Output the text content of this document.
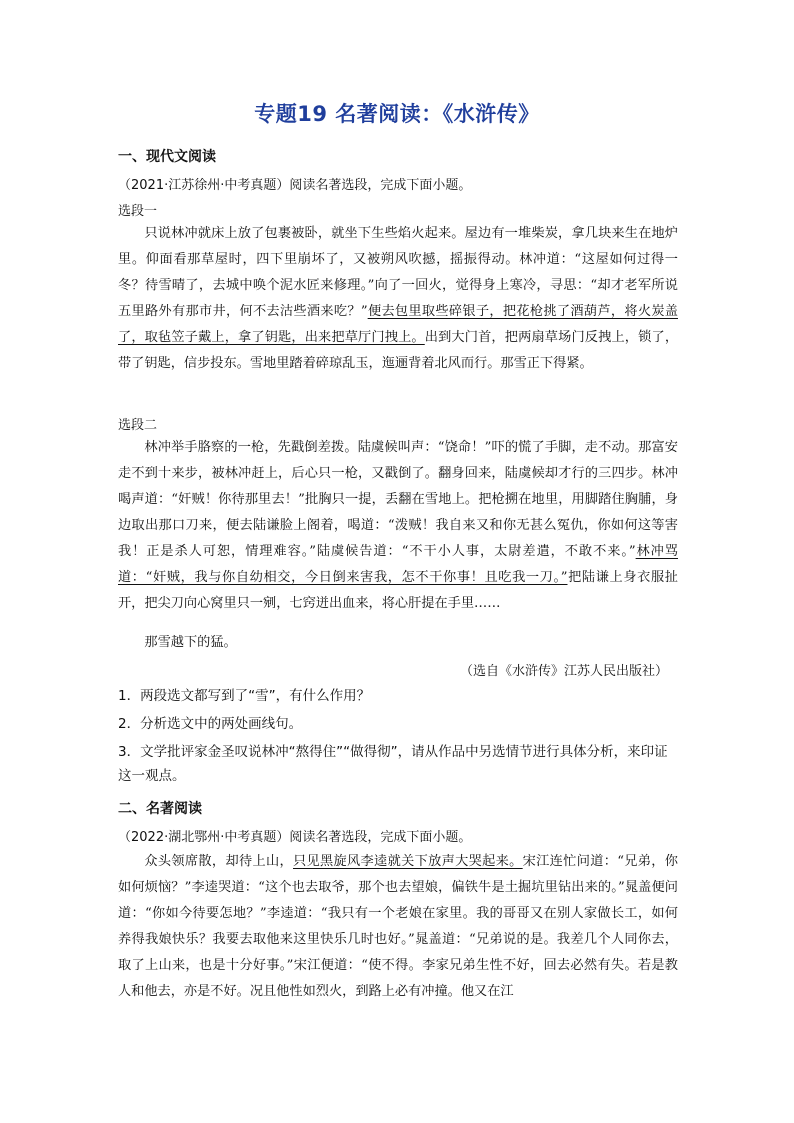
专题19 名著阅读：《水浒传》
一、现代文阅读
（2021·江苏徐州·中考真题）阅读名著选段，完成下面小题。
选段一

只说林冲就床上放了包裹被卧，就坐下生些焰火起来。屋边有一堆柴炭，拿几块来生在地炉里。仰面看那草屋时，四下里崩坏了，又被朔风吹撼，摇振得动。林冲道：“这屋如何过得一冬？待雪晴了，去城中唤个泥水匠来修理。”向了一回火，觉得身上寒冷，寻思：“却才老军所说五里路外有那市井，何不去沽些酒来吃？”便去包里取些碎银子，把花枪挑了酒葫芦，将火炭盖了，取毡笠子戴上，拿了钥匙，出来把草厅门拽上。出到大门首，把两扇草场门反拽上，锁了，带了钥匙，信步投东。雪地里踏着碎琼乱玉，迤逦背着北风而行。那雪正下得紧。

选段二

林冲举手胳察的一枪，先戳倒差拨。陆虞候叫声：“饶命！”吓的慌了手脚，走不动。那富安走不到十来步，被林冲赶上，后心只一枪，又戳倒了。翻身回来，陆虞候却才行的三四步。林冲喝声道：“奸贼！你待那里去！”批胸只一提，丢翻在雪地上。把枪搠在地里，用脚踏住胸脯，身边取出那口刀来，便去陆谦脸上阁着，喝道：“泼贼！我自来又和你无甚么冤仇，你如何这等害我！正是杀人可恕，情理难容。”陆虞候告道：“不干小人事，太尉差遣，不敢不来。”林冲骂道：“奸贼，我与你自幼相交，今日倒来害我，怎不干你事！且吃我一刀。”把陆谦上身衣服扯开，把尖刀向心窝里只一剜，七窍迸出血来，将心肝提在手里……

那雪越下的猛。

（选自《水浒传》江苏人民出版社）
1．两段选文都写到了“雪”，有什么作用？
2．分析选文中的两处画线句。
3．文学批评家金圣叹说林冲“熬得住”“做得彻”，请从作品中另选情节进行具体分析，来印证这一观点。
二、名著阅读
（2022·湖北鄂州·中考真题）阅读名著选段，完成下面小题。

众头领席散，却待上山，只见黑旋风李逵就关下放声大哭起来。宋江连忙问道：“兄弟，你如何烦恼？”李逵哭道：“这个也去取爷，那个也去望娘，偏铁牛是土掘坑里钻出来的。”晁盖便问道：“你如今待要怎地？”李逵道：“我只有一个老娘在家里。我的哥哥又在别人家做长工，如何养得我娘快乐？我要去取他来这里快乐几时也好。”晁盖道：“兄弟说的是。我差几个人同你去，取了上山来，也是十分好事。”宋江便道：“使不得。李家兄弟生性不好，回去必然有失。若是教人和他去，亦是不好。况且他性如烈火，到路上必有冲撞。他又在江
